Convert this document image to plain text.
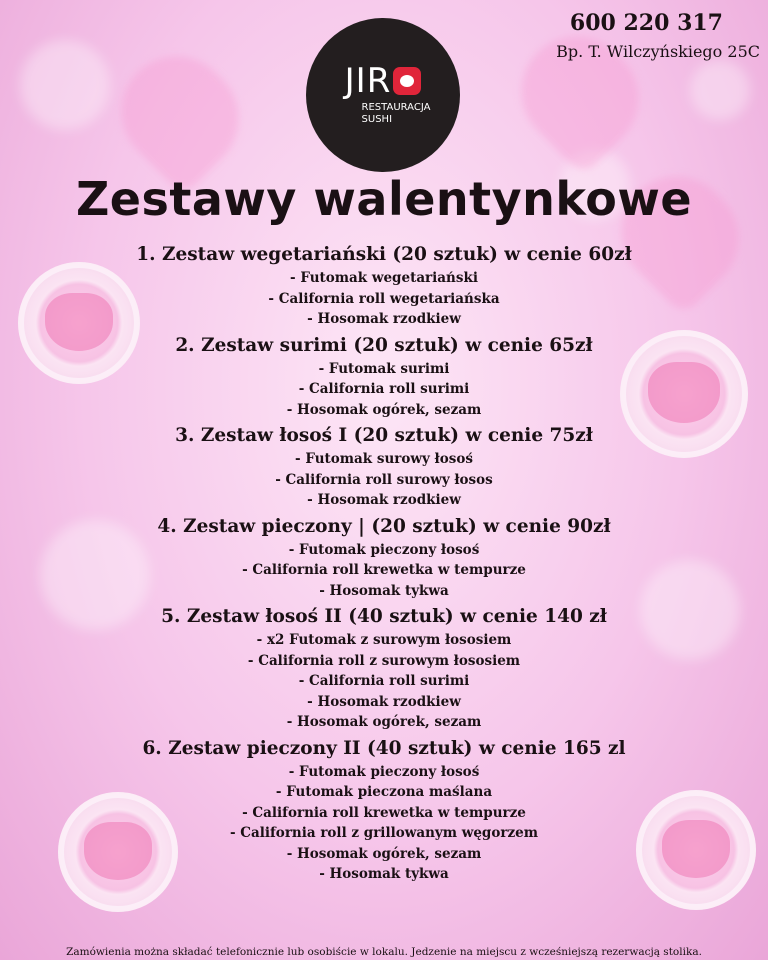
JIR
RESTAURACJA
SUSHI
600 220 317
Bp. T. Wilczyńskiego 25C
Zestawy walentynkowe
1. Zestaw wegetariański (20 sztuk) w cenie 60zł
- Futomak wegetariański
- California roll wegetariańska
- Hosomak rzodkiew
2. Zestaw surimi (20 sztuk) w cenie 65zł
- Futomak surimi
- California roll surimi
- Hosomak ogórek, sezam
3. Zestaw łosoś I (20 sztuk) w cenie 75zł
- Futomak surowy łosoś
- California roll surowy łosos
- Hosomak rzodkiew
4. Zestaw pieczony | (20 sztuk) w cenie 90zł
- Futomak pieczony łosoś
- California roll krewetka w tempurze
- Hosomak tykwa
5. Zestaw łosoś II (40 sztuk) w cenie 140 zł
- x2 Futomak z surowym łososiem
- California roll z surowym łososiem
- California roll surimi
- Hosomak rzodkiew
- Hosomak ogórek, sezam
6. Zestaw pieczony II (40 sztuk) w cenie 165 zl
- Futomak pieczony łosoś
- Futomak pieczona maślana
- California roll krewetka w tempurze
- California roll z grillowanym węgorzem
- Hosomak ogórek, sezam
- Hosomak tykwa
Zamówienia można składać telefonicznie lub osobiście w lokalu. Jedzenie na miejscu z wcześniejszą rezerwacją stolika.
